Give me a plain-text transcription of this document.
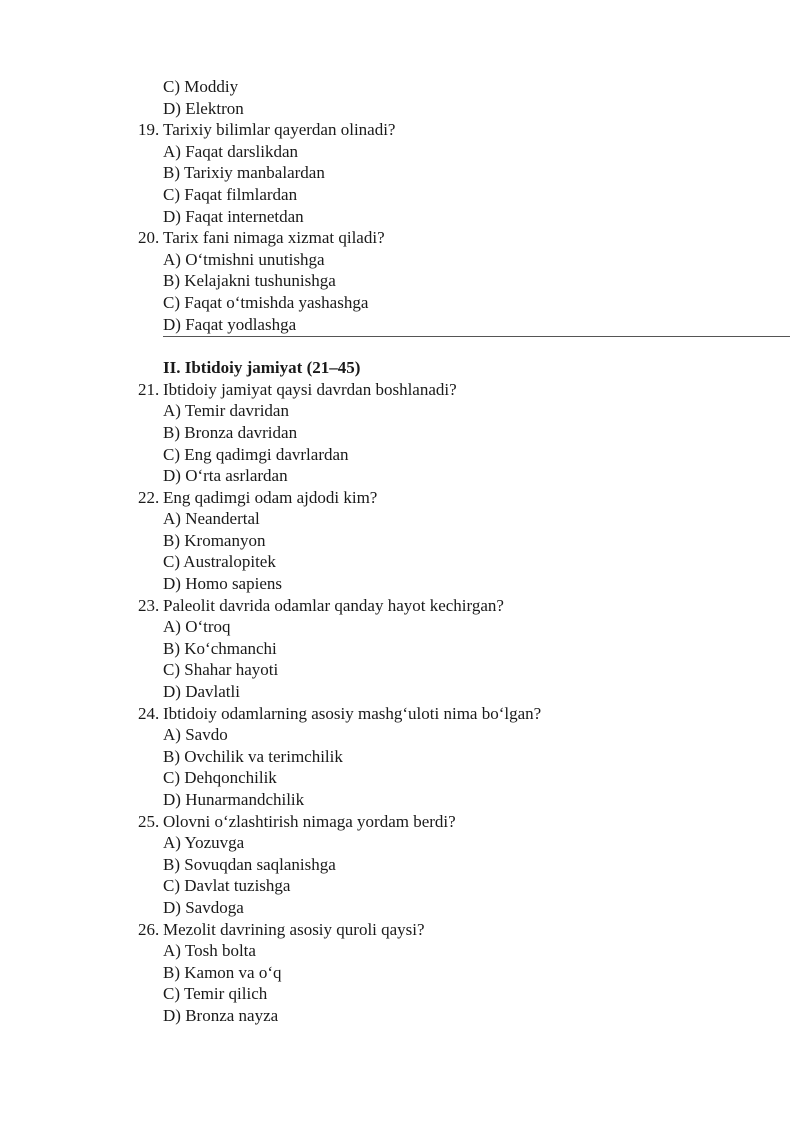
C) Moddiy
D) Elektron
19. Tarixiy bilimlar qayerdan olinadi?
A) Faqat darslikdan
B) Tarixiy manbalardan
C) Faqat filmlardan
D) Faqat internetdan
20. Tarix fani nimaga xizmat qiladi?
A) O‘tmishni unutishga
B) Kelajakni tushunishga
C) Faqat o‘tmishda yashashga
D) Faqat yodlashga
II. Ibtidoiy jamiyat (21–45)
21. Ibtidoiy jamiyat qaysi davrdan boshlanadi?
A) Temir davridan
B) Bronza davridan
C) Eng qadimgi davrlardan
D) O‘rta asrlardan
22. Eng qadimgi odam ajdodi kim?
A) Neandertal
B) Kromanyon
C) Australopitek
D) Homo sapiens
23. Paleolit davrida odamlar qanday hayot kechirgan?
A) O‘troq
B) Ko‘chmanchi
C) Shahar hayoti
D) Davlatli
24. Ibtidoiy odamlarning asosiy mashg‘uloti nima bo‘lgan?
A) Savdo
B) Ovchilik va terimchilik
C) Dehqonchilik
D) Hunarmandchilik
25. Olovni o‘zlashtirish nimaga yordam berdi?
A) Yozuvga
B) Sovuqdan saqlanishga
C) Davlat tuzishga
D) Savdoga
26. Mezolit davrining asosiy quroli qaysi?
A) Tosh bolta
B) Kamon va o‘q
C) Temir qilich
D) Bronza nayza
